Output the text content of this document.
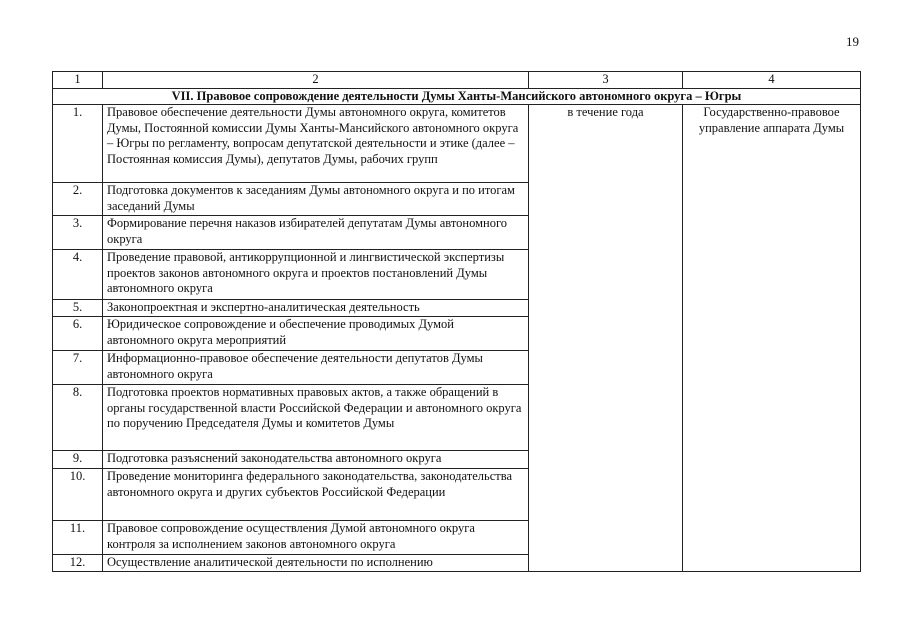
19
1	2	3	4
VII. Правовое сопровождение деятельности Думы Ханты-Мансийского автономного округа – Югры			
1.	Правовое обеспечение деятельности Думы автономного округа, комитетов Думы, Постоянной комиссии Думы Ханты-Мансийского автономного округа – Югры по регламенту, вопросам депутатской деятельности и этике (далее – Постоянная комиссия Думы), депутатов Думы, рабочих групп	в течение года	Государственно-правовое управление аппарата Думы
2.	Подготовка документов к заседаниям Думы автономного округа и по итогам заседаний Думы		
3.	Формирование перечня наказов избирателей депутатам Думы автономного округа		
4.	Проведение правовой, антикоррупционной и лингвистической экспертизы проектов законов автономного округа и проектов постановлений Думы автономного округа		
5.	Законопроектная и экспертно-аналитическая деятельность		
6.	Юридическое сопровождение и обеспечение проводимых Думой автономного округа мероприятий		
7.	Информационно-правовое обеспечение деятельности депутатов Думы автономного округа		
8.	Подготовка проектов нормативных правовых актов, а также обращений в органы государственной власти Российской Федерации и автономного округа по поручению Председателя Думы и комитетов Думы		
9.	Подготовка разъяснений законодательства автономного округа		
10.	Проведение мониторинга федерального законодательства, законодательства автономного округа и других субъектов Российской Федерации		
11.	Правовое сопровождение осуществления Думой автономного округа контроля за исполнением законов автономного округа		
12.	Осуществление аналитической деятельности по исполнению		
